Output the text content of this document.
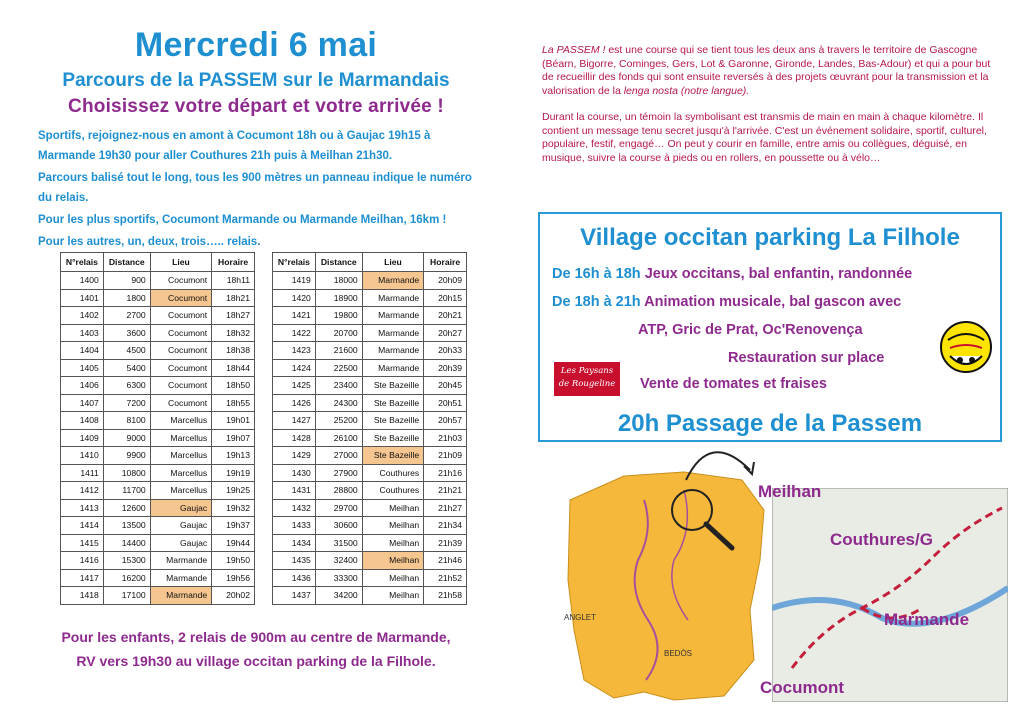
Mercredi 6 mai
Parcours de la PASSEM sur le Marmandais
Choisissez votre départ et votre arrivée !

Sportifs, rejoignez-nous en amont à Cocumont 18h ou à Gaujac 19h15 à Marmande 19h30 pour aller Couthures 21h puis à Meilhan 21h30.

Parcours balisé tout le long, tous les 900 mètres un panneau indique le numéro du relais.

Pour les plus sportifs, Cocumont Marmande ou Marmande Meilhan, 16km !

Pour les autres, un, deux, trois….. relais.

N°relais	Distance	Lieu	Horaire
1400	900	Cocumont	18h11
1401	1800	Cocumont	18h21
1402	2700	Cocumont	18h27
1403	3600	Cocumont	18h32
1404	4500	Cocumont	18h38
1405	5400	Cocumont	18h44
1406	6300	Cocumont	18h50
1407	7200	Cocumont	18h55
1408	8100	Marcellus	19h01
1409	9000	Marcellus	19h07
1410	9900	Marcellus	19h13
1411	10800	Marcellus	19h19
1412	11700	Marcellus	19h25
1413	12600	Gaujac	19h32
1414	13500	Gaujac	19h37
1415	14400	Gaujac	19h44
1416	15300	Marmande	19h50
1417	16200	Marmande	19h56
1418	17100	Marmande	20h02
N°relais	Distance	Lieu	Horaire
1419	18000	Marmande	20h09
1420	18900	Marmande	20h15
1421	19800	Marmande	20h21
1422	20700	Marmande	20h27
1423	21600	Marmande	20h33
1424	22500	Marmande	20h39
1425	23400	Ste Bazeille	20h45
1426	24300	Ste Bazeille	20h51
1427	25200	Ste Bazeille	20h57
1428	26100	Ste Bazeille	21h03
1429	27000	Ste Bazeille	21h09
1430	27900	Couthures	21h16
1431	28800	Couthures	21h21
1432	29700	Meilhan	21h27
1433	30600	Meilhan	21h34
1434	31500	Meilhan	21h39
1435	32400	Meilhan	21h46
1436	33300	Meilhan	21h52
1437	34200	Meilhan	21h58
Pour les enfants, 2 relais de 900m au centre de Marmande,
RV vers 19h30 au village occitan parking de la Filhole.

La PASSEM ! est une course qui se tient tous les deux ans à travers le territoire de Gascogne (Béarn, Bigorre, Cominges, Gers, Lot & Garonne, Gironde, Landes, Bas-Adour) et qui a pour but de recueillir des fonds qui sont ensuite reversés à des projets œuvrant pour la transmission et la valorisation de la lenga nosta (notre langue).

Durant la course, un témoin la symbolisant est transmis de main en main à chaque kilomètre. Il contient un message tenu secret jusqu'à l'arrivée. C'est un événement solidaire, sportif, culturel, populaire, festif, engagé… On peut y courir en famille, entre amis ou collègues, déguisé, en musique, suivre la course à pieds ou en rollers, en poussette ou à vélo…

Village occitan parking La Filhole
De 16h à 18h Jeux occitans, bal enfantin, randonnée
De 18h à 21h Animation musicale, bal gascon avec
ATP, Gric de Prat, Oc'Renovença
Restauration sur place
Vente de tomates et fraises
Les Paysans
de Rougeline
20h Passage de la Passem
ANGLET
BEDÒS
Meilhan
Couthures/G
Marmande
Cocumont
